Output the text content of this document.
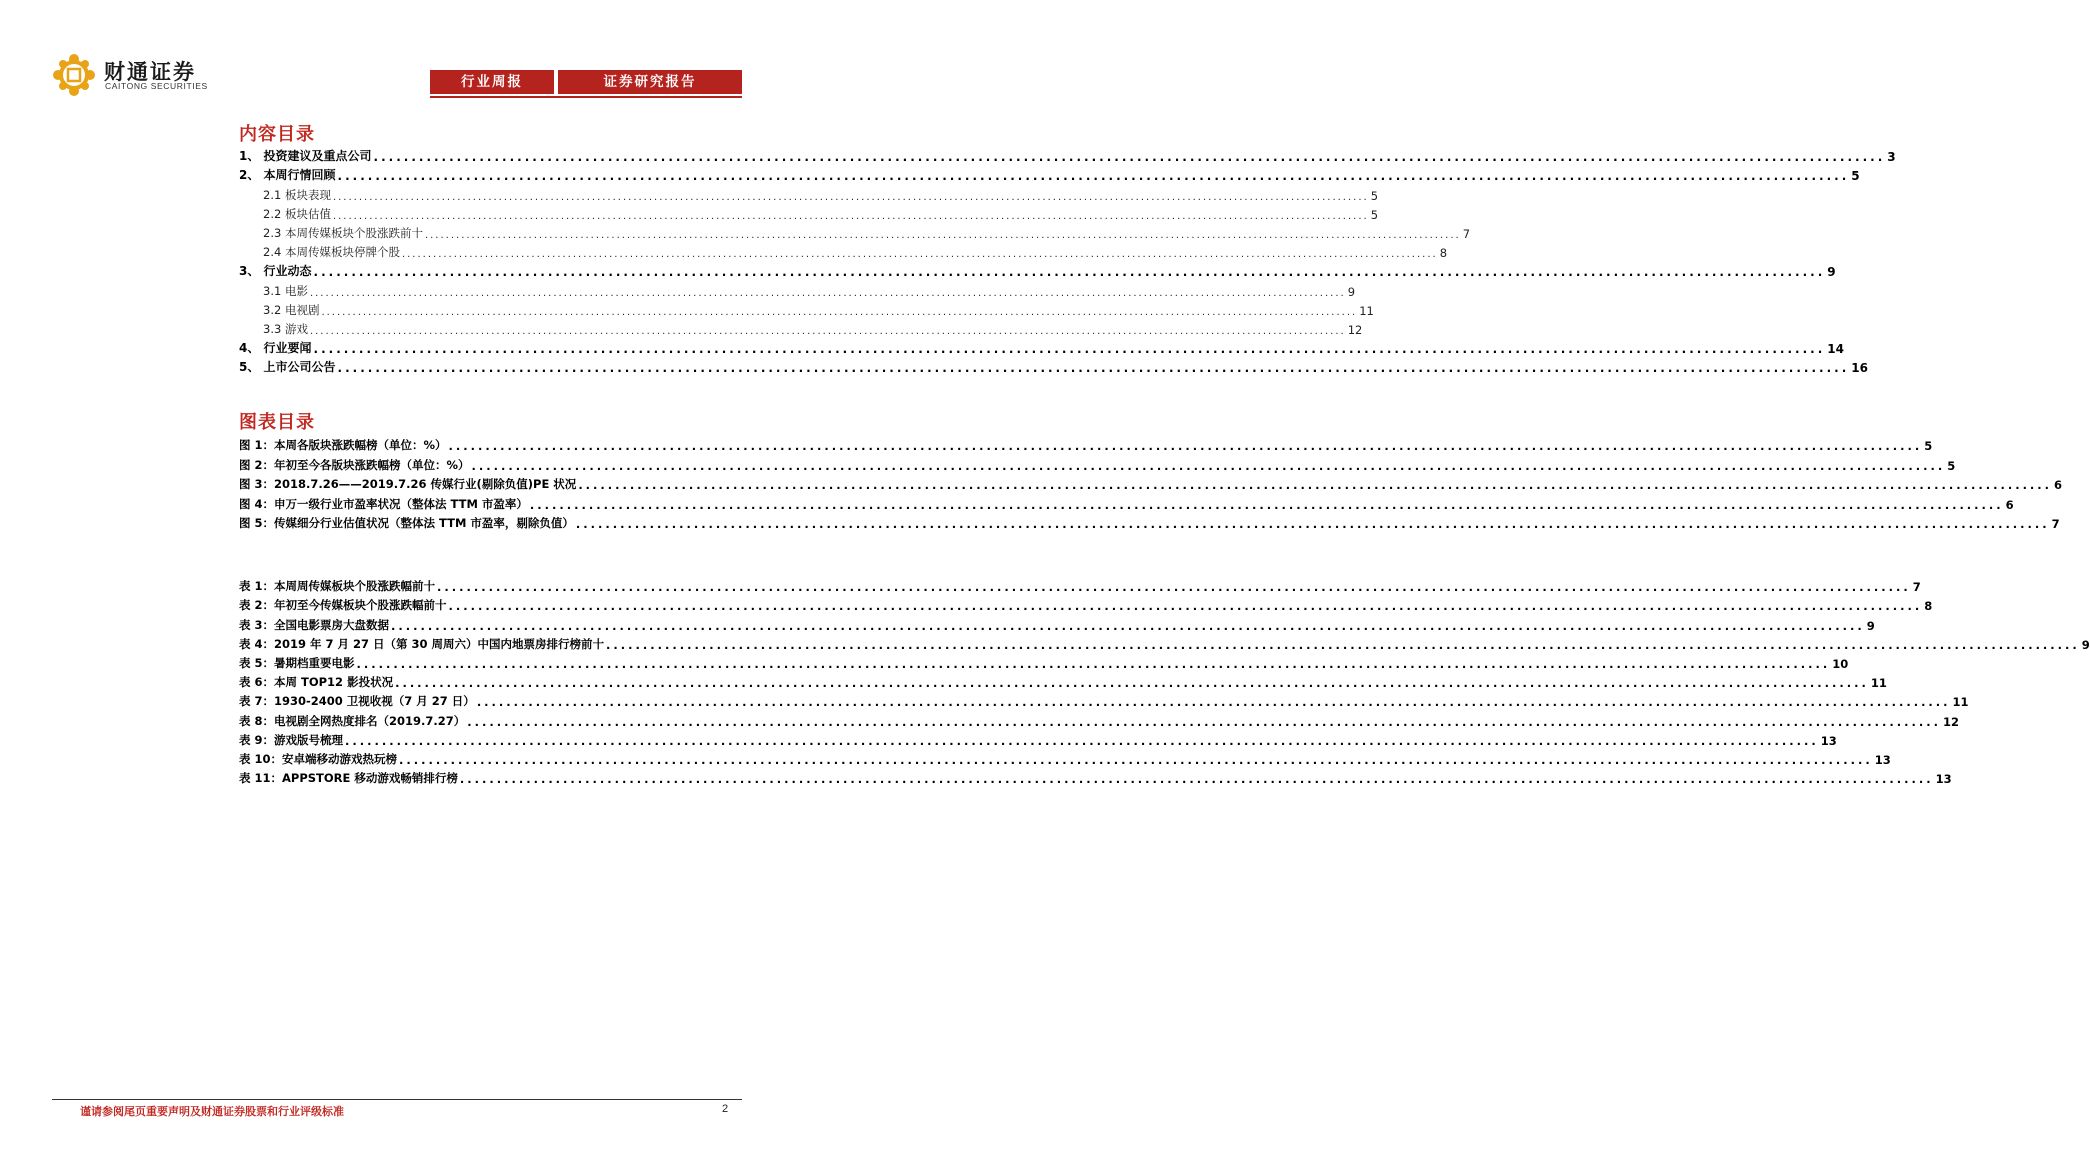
财通证券
CAITONG SECURITIES	行业周报	证券研究报告
内容目录
1、 投资建议及重点公司 ........................................................................................................................................................................................................ 3
2、 本周行情回顾 ........................................................................................................................................................................................................ 5
2.1 板块表现 ........................................................................................................................................................................................................ 5
2.2 板块估值 ........................................................................................................................................................................................................ 5
2.3 本周传媒板块个股涨跌前十 ........................................................................................................................................................................................................ 7
2.4 本周传媒板块停牌个股 ........................................................................................................................................................................................................ 8
3、 行业动态 ........................................................................................................................................................................................................ 9
3.1 电影 ........................................................................................................................................................................................................ 9
3.2 电视剧 ........................................................................................................................................................................................................ 11
3.3 游戏 ........................................................................................................................................................................................................ 12
4、 行业要闻 ........................................................................................................................................................................................................ 14
5、 上市公司公告 ........................................................................................................................................................................................................ 16
图表目录
图 1：本周各版块涨跌幅榜（单位：%） ........................................................................................................................................................................................................ 5
图 2：年初至今各版块涨跌幅榜（单位：%） ........................................................................................................................................................................................................ 5
图 3：2018.7.26——2019.7.26 传媒行业(剔除负值)PE 状况 ........................................................................................................................................................................................................ 6
图 4：申万一级行业市盈率状况（整体法 TTM 市盈率） ........................................................................................................................................................................................................ 6
图 5：传媒细分行业估值状况（整体法 TTM 市盈率，剔除负值） ........................................................................................................................................................................................................ 7
表 1：本周周传媒板块个股涨跌幅前十 ........................................................................................................................................................................................................ 7
表 2：年初至今传媒板块个股涨跌幅前十 ........................................................................................................................................................................................................ 8
表 3：全国电影票房大盘数据 ........................................................................................................................................................................................................ 9
表 4：2019 年 7 月 27 日（第 30 周周六）中国内地票房排行榜前十 ........................................................................................................................................................................................................ 9
表 5：暑期档重要电影 ........................................................................................................................................................................................................ 10
表 6：本周 TOP12 影投状况 ........................................................................................................................................................................................................ 11
表 7：1930-2400 卫视收视（7 月 27 日） ........................................................................................................................................................................................................ 11
表 8：电视剧全网热度排名（2019.7.27） ........................................................................................................................................................................................................ 12
表 9：游戏版号梳理 ........................................................................................................................................................................................................ 13
表 10：安卓端移动游戏热玩榜 ........................................................................................................................................................................................................ 13
表 11：APPSTORE 移动游戏畅销排行榜 ........................................................................................................................................................................................................ 13
谨请参阅尾页重要声明及财通证券股票和行业评级标准	2
